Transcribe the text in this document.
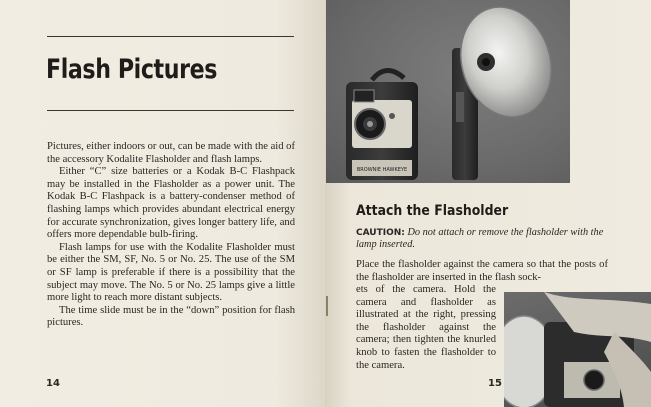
Flash Pictures

Pictures, either indoors or out, can be made with the aid of the accessory Kodalite Flasholder and flash lamps.

Either “C” size batteries or a Kodak B-C Flashpack may be installed in the Flasholder as a power unit. The Kodak B-C Flashpack is a battery-condenser method of flashing lamps which provides abundant electrical energy for accurate synchronization, gives longer battery life, and offers more dependable bulb-firing.

Flash lamps for use with the Kodalite Flasholder must be either the SM, SF, No. 5 or No. 25. The use of the SM or SF lamp is preferable if there is a possibility that the subject may move. The No. 5 or No. 25 lamps give a little more light to reach more distant subjects.

The time slide must be in the “down” position for flash pictures.

14
BROWNIE HAWKEYE
Attach the Flasholder
CAUTION: Do not attach or remove the flasholder with the lamp inserted.

Place the flasholder against the camera so that the posts of the flasholder are inserted in the flash sock-

ets of the camera. Hold the camera and flasholder as illustrated at the right, pressing the flasholder against the camera; then tighten the knurled knob to fasten the flasholder to the camera.

15
